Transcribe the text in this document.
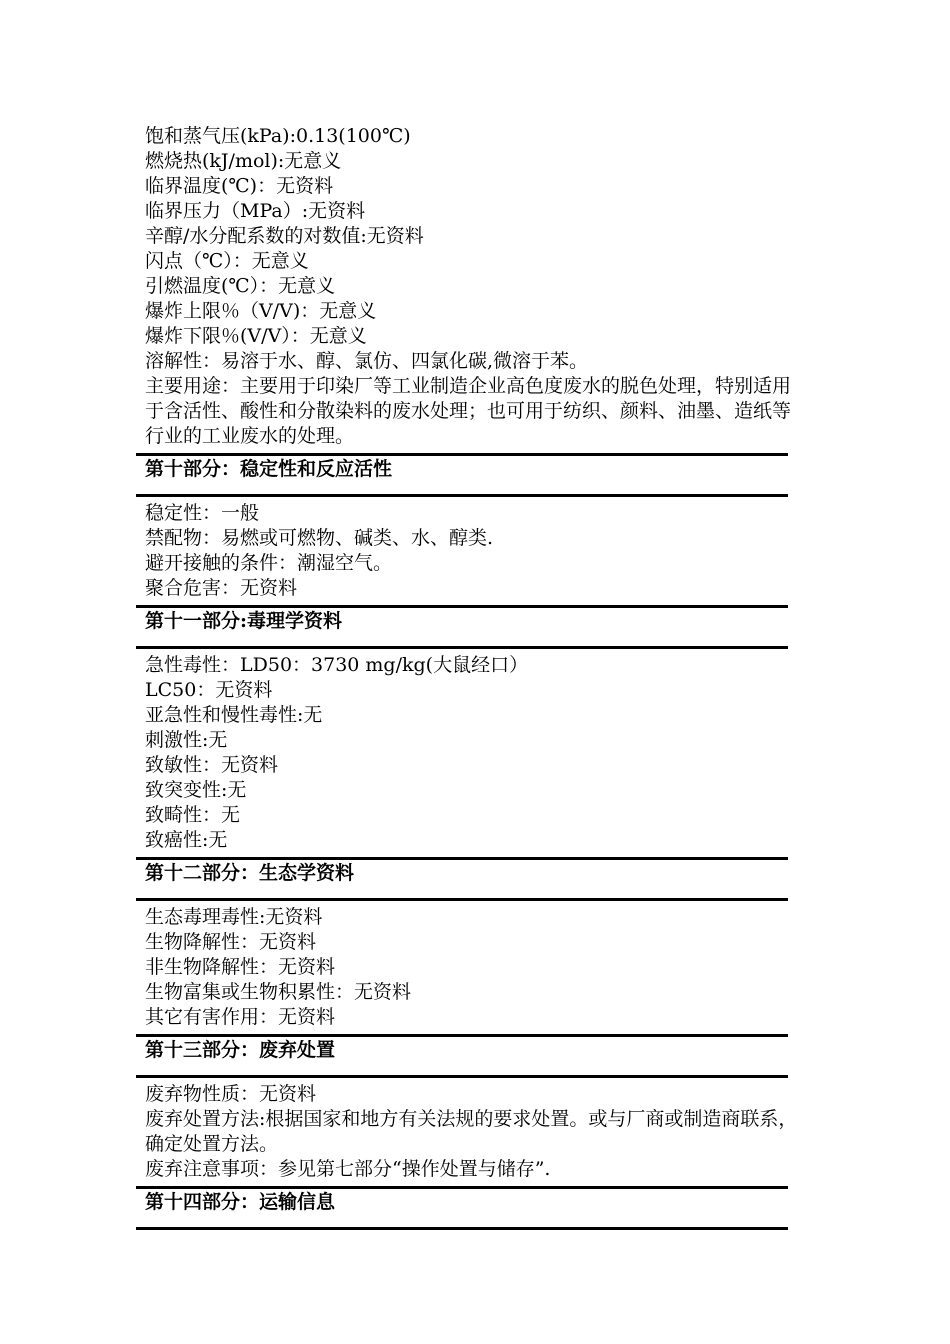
饱和蒸气压(kPa):0.13(100℃)
燃烧热(kJ/mol):无意义
临界温度(℃)：无资料
临界压力（MPa）:无资料
辛醇/水分配系数的对数值:无资料
闪点（℃）：无意义
引燃温度(℃）：无意义
爆炸上限％（V/V)：无意义
爆炸下限％(V/V）：无意义
溶解性：易溶于水、醇、氯仿、四氯化碳,微溶于苯。
主要用途：主要用于印染厂等工业制造企业高色度废水的脱色处理，特别适用于含活性、酸性和分散染料的废水处理；也可用于纺织、颜料、油墨、造纸等行业的工业废水的处理。
第十部分：稳定性和反应活性
稳定性：一般
禁配物：易燃或可燃物、碱类、水、醇类.
避开接触的条件：潮湿空气。
聚合危害：无资料
第十一部分:毒理学资料
急性毒性：LD50：3730 mg/kg(大鼠经口）
LC50：无资料
亚急性和慢性毒性:无
刺激性:无
致敏性：无资料
致突变性:无
致畸性：无
致癌性:无
第十二部分：生态学资料
生态毒理毒性:无资料
生物降解性：无资料
非生物降解性：无资料
生物富集或生物积累性：无资料
其它有害作用：无资料
第十三部分：废弃处置
废弃物性质：无资料
废弃处置方法:根据国家和地方有关法规的要求处置。或与厂商或制造商联系，确定处置方法。
废弃注意事项：参见第七部分“操作处置与储存”.
第十四部分：运输信息
